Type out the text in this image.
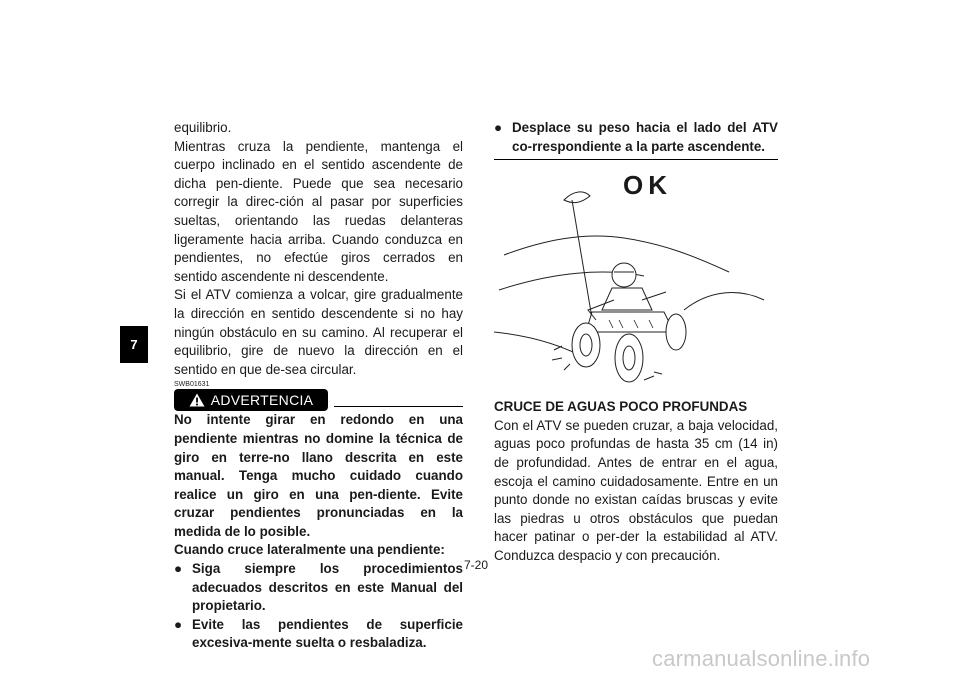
7

equilibrio.

Mientras cruza la pendiente, mantenga el cuerpo inclinado en el sentido ascendente de dicha pen-diente. Puede que sea necesario corregir la direc-ción al pasar por superficies sueltas, orientando las ruedas delanteras ligeramente hacia arriba. Cuando conduzca en pendientes, no efectúe giros cerrados en sentido ascendente ni descendente.

Si el ATV comienza a volcar, gire gradualmente la dirección en sentido descendente si no hay ningún obstáculo en su camino. Al recuperar el equilibrio, gire de nuevo la dirección en el sentido en que de-sea circular.

SWB01631
ADVERTENCIA

No intente girar en redondo en una pendiente mientras no domine la técnica de giro en terre-no llano descrita en este manual. Tenga mucho cuidado cuando realice un giro en una pen-diente. Evite cruzar pendientes pronunciadas en la medida de lo posible.

Cuando cruce lateralmente una pendiente:

● Siga siempre los procedimientos adecuados descritos en este Manual del propietario.
● Evite las pendientes de superficie excesiva-mente suelta o resbaladiza.
● Desplace su peso hacia el lado del ATV co-rrespondiente a la parte ascendente.
OK

CRUCE DE AGUAS POCO PROFUNDAS

Con el ATV se pueden cruzar, a baja velocidad, aguas poco profundas de hasta 35 cm (14 in) de profundidad. Antes de entrar en el agua, escoja el camino cuidadosamente. Entre en un punto donde no existan caídas bruscas y evite las piedras u otros obstáculos que puedan hacer patinar o per-der la estabilidad al ATV. Conduzca despacio y con precaución.

7-20
carmanualsonline.info
